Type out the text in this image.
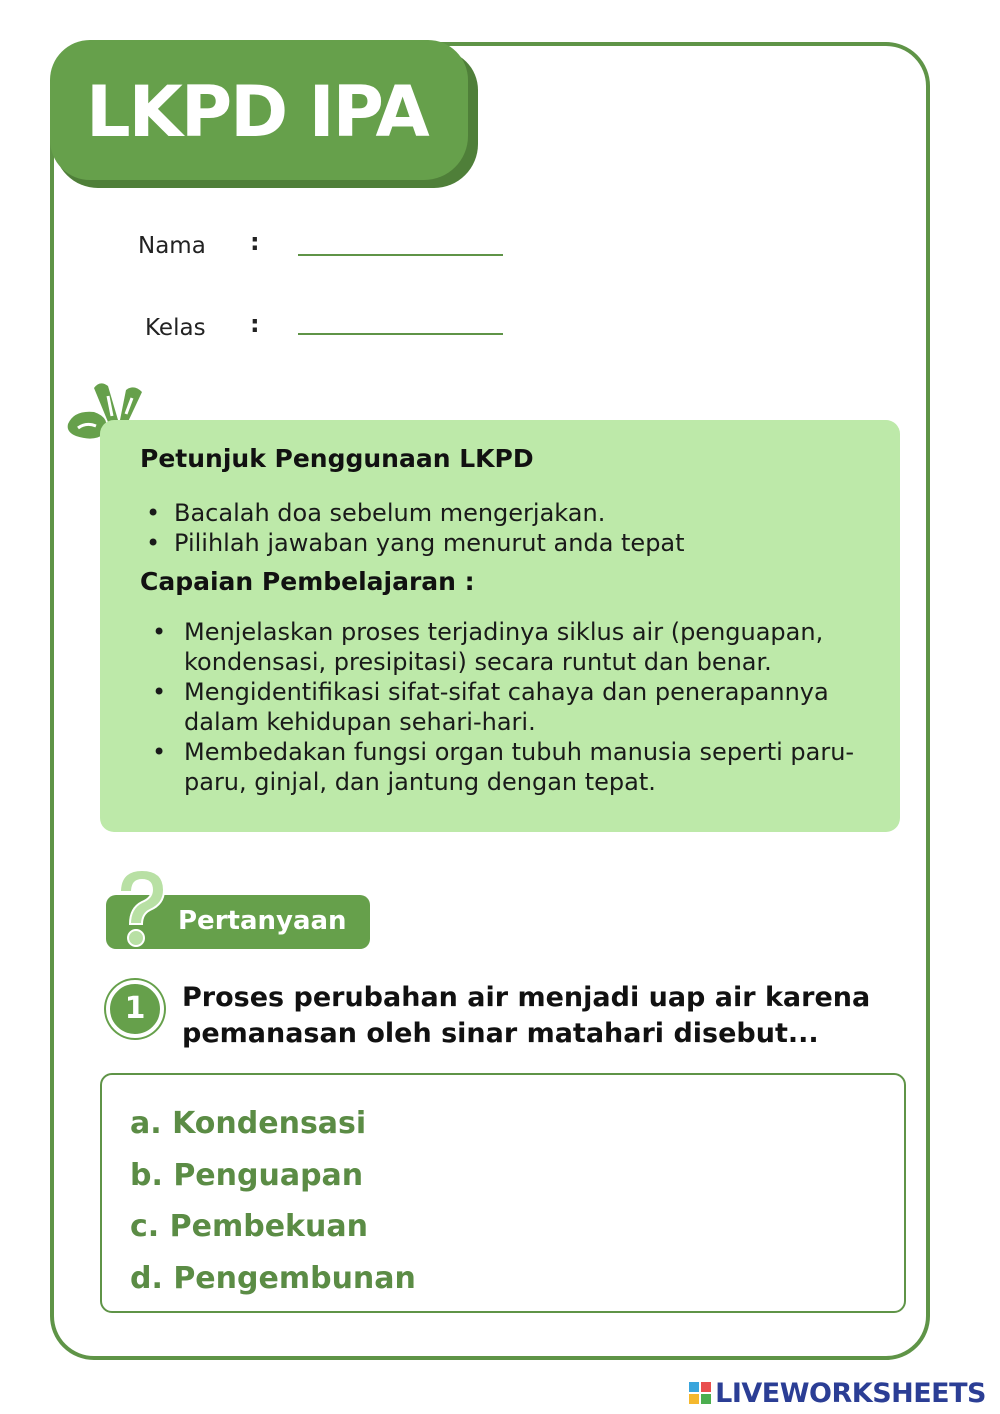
LKPD IPA
Nama :
Kelas :
Petunjuk Penggunaan LKPD
• Bacalah doa sebelum mengerjakan.
• Pilihlah jawaban yang menurut anda tepat
Capaian Pembelajaran :
• Menjelaskan proses terjadinya siklus air (penguapan, kondensasi, presipitasi) secara runtut dan benar.
• Mengidentifikasi sifat-sifat cahaya dan penerapannya dalam kehidupan sehari-hari.
• Membedakan fungsi organ tubuh manusia seperti paru-paru, ginjal, dan jantung dengan tepat.

Pertanyaan

1	Proses perubahan air menjadi uap air karena pemanasan oleh sinar matahari disebut...

a. Kondensasi

b. Penguapan

c. Pembekuan

d. Pengembunan

LIVEWORKSHEETS
